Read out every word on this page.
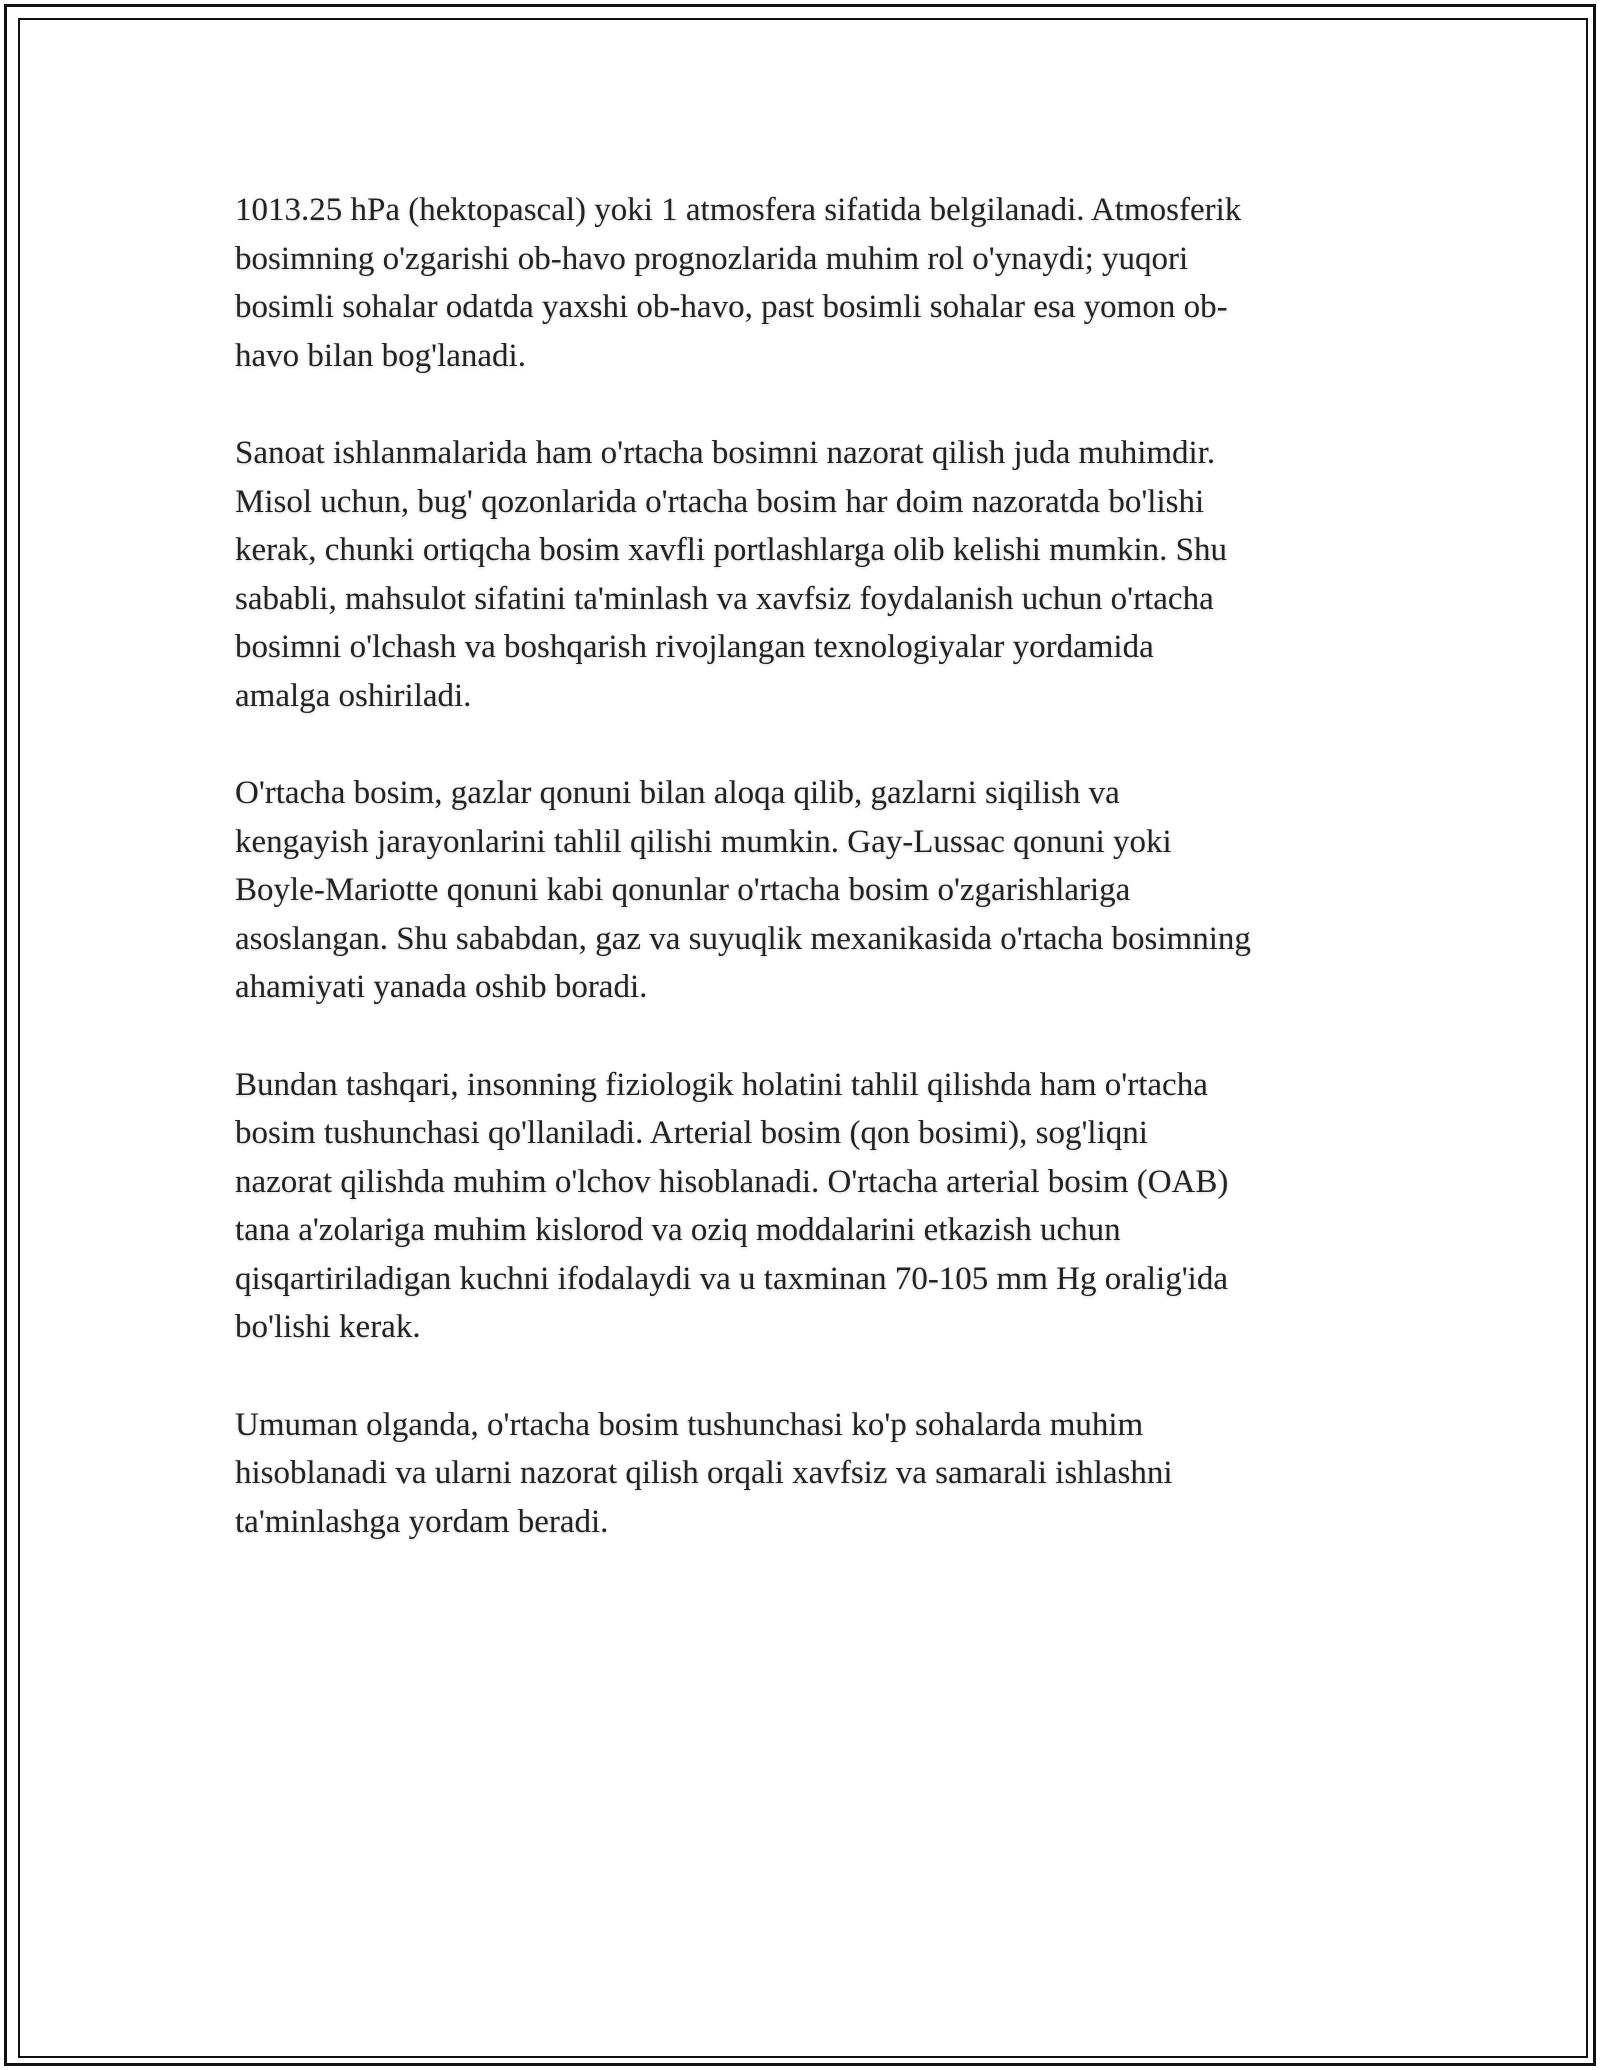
1013.25 hPa (hektopascal) yoki 1 atmosfera sifatida belgilanadi. Atmosferik
bosimning o'zgarishi ob-havo prognozlarida muhim rol o'ynaydi; yuqori
bosimli sohalar odatda yaxshi ob-havo, past bosimli sohalar esa yomon ob-
havo bilan bog'lanadi.

Sanoat ishlanmalarida ham o'rtacha bosimni nazorat qilish juda muhimdir.
Misol uchun, bug' qozonlarida o'rtacha bosim har doim nazoratda bo'lishi
kerak, chunki ortiqcha bosim xavfli portlashlarga olib kelishi mumkin. Shu
sababli, mahsulot sifatini ta'minlash va xavfsiz foydalanish uchun o'rtacha
bosimni o'lchash va boshqarish rivojlangan texnologiyalar yordamida
amalga oshiriladi.

O'rtacha bosim, gazlar qonuni bilan aloqa qilib, gazlarni siqilish va
kengayish jarayonlarini tahlil qilishi mumkin. Gay-Lussac qonuni yoki
Boyle-Mariotte qonuni kabi qonunlar o'rtacha bosim o'zgarishlariga
asoslangan. Shu sababdan, gaz va suyuqlik mexanikasida o'rtacha bosimning
ahamiyati yanada oshib boradi.

Bundan tashqari, insonning fiziologik holatini tahlil qilishda ham o'rtacha
bosim tushunchasi qo'llaniladi. Arterial bosim (qon bosimi), sog'liqni
nazorat qilishda muhim o'lchov hisoblanadi. O'rtacha arterial bosim (OAB)
tana a'zolariga muhim kislorod va oziq moddalarini etkazish uchun
qisqartiriladigan kuchni ifodalaydi va u taxminan 70-105 mm Hg oralig'ida
bo'lishi kerak.

Umuman olganda, o'rtacha bosim tushunchasi ko'p sohalarda muhim
hisoblanadi va ularni nazorat qilish orqali xavfsiz va samarali ishlashni
ta'minlashga yordam beradi.
